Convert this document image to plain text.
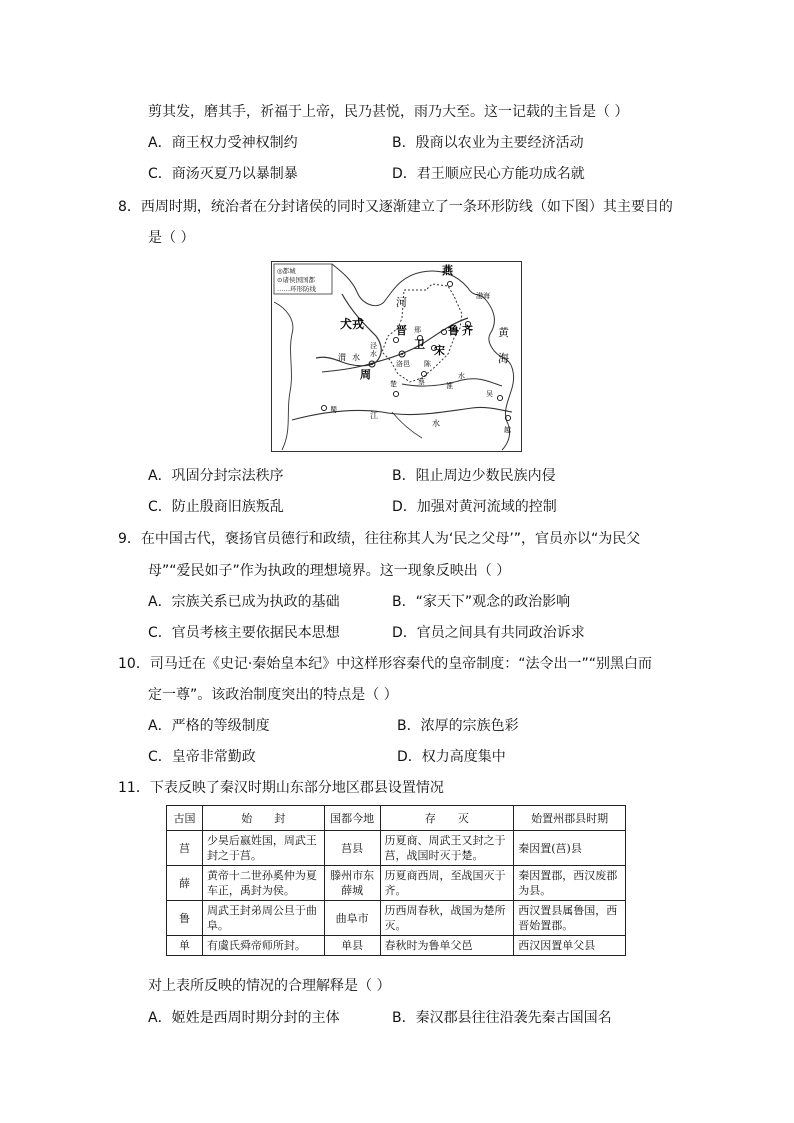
剪其发，磨其手，祈福于上帝，民乃甚悦，雨乃大至。这一记载的主旨是（ ）
A．商王权力受神权制约	B．殷商以农业为主要经济活动
C．商汤灭夏乃以暴制暴	D．君王顺应民心方能功成名就
8．西周时期，统治者在分封诸侯的同时又逐渐建立了一条环形防线（如下图）其主要目的
是（ ）
◎都城
⊙诸侯国国都
……环形防线
燕
渤海
河
犬戎	晋 邢
卫
鲁 齐 黄
海
泾
水	宋
渭 水
洛邑 陈
周
蔡	淮
水
吴
越
蜀
楚
江
水
A．巩固分封宗法秩序	B．阻止周边少数民族内侵
C．防止殷商旧族叛乱	D．加强对黄河流域的控制
9．在中国古代，褒扬官员德行和政绩，往往称其人为‘民之父母’”，官员亦以“为民父
母”“爱民如子”作为执政的理想境界。这一现象反映出（ ）
A．宗族关系已成为执政的基础	B．“家天下”观念的政治影响
C．官员考核主要依据民本思想	D．官员之间具有共同政治诉求
10．司马迁在《史记·秦始皇本纪》中这样形容秦代的皇帝制度：“法令出一”“别黑白而
定一尊”。该政治制度突出的特点是（ ）
A．严格的等级制度	B．浓厚的宗族色彩
C．皇帝非常勤政	D．权力高度集中
11．下表反映了秦汉时期山东部分地区郡县设置情况
古国	始　　封	国都今地	存　　灭	始置州郡县时期
莒	少昊后嬴姓国，周武王封之于莒。	莒县	历夏商、周武王又封之于莒，战国时灭于楚。	秦因置(莒)县
薛	黄帝十二世孙奚仲为夏车正，禹封为侯。	滕州市东薛城	历夏商西周，至战国灭于齐。	秦因置郡，西汉废郡为县。
鲁	周武王封弟周公旦于曲阜。	曲阜市	历西周春秋，战国为楚所灭。	西汉置县属鲁国，西晋始置郡。
单	有虞氏舜帝师所封。	单县	春秋时为鲁单父邑	西汉因置单父县
对上表所反映的情况的合理解释是（ ）
A．姬姓是西周时期分封的主体	B．秦汉郡县往往沿袭先秦古国国名
